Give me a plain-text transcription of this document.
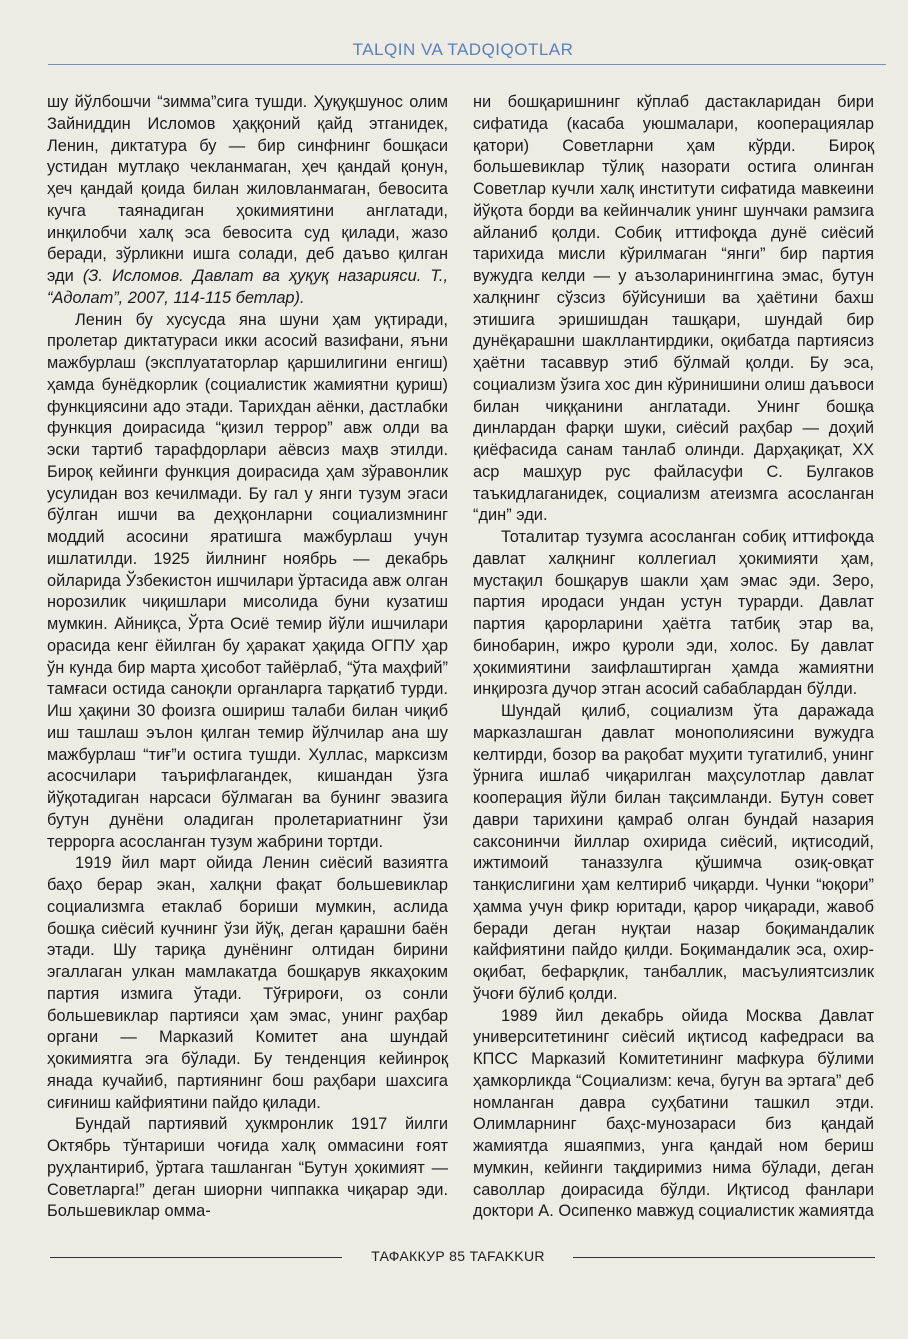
TALQIN VA TADQIQOTLAR

шу йўлбошчи “зимма”сига тушди. Ҳуқуқшунос олим Зайниддин Исломов ҳаққоний қайд этганидек, Ленин, диктатура бу — бир синфнинг бошқаси устидан мутлақо чекланмаган, ҳеч қандай қонун, ҳеч қандай қоида билан жиловланмаган, бевосита кучга таянадиган ҳокимиятини англатади, инқилобчи халқ эса бевосита суд қилади, жазо беради, зўрликни ишга солади, деб даъво қилган эди (З. Исломов. Давлат ва ҳуқуқ назарияси. Т., “Адолат”, 2007, 114-115 бетлар).

Ленин бу хусусда яна шуни ҳам уқтиради, пролетар диктатураси икки асосий вазифани, яъни мажбурлаш (эксплуататорлар қаршилигини енгиш) ҳамда бунёдкорлик (социалистик жамиятни қуриш) функциясини адо этади. Тарихдан аёнки, дастлабки функция доирасида “қизил террор” авж олди ва эски тартиб тарафдорлари аёвсиз маҳв этилди. Бироқ кейинги функция доирасида ҳам зўравонлик усулидан воз кечилмади. Бу гал у янги тузум эгаси бўлган ишчи ва деҳқонларни социализмнинг моддий асосини яратишга мажбурлаш учун ишлатилди. 1925 йилнинг ноябрь — декабрь ойларида Ўзбекистон ишчилари ўртасида авж олган норозилик чиқишлари мисолида буни кузатиш мумкин. Айниқса, Ўрта Осиё темир йўли ишчилари орасида кенг ёйилган бу ҳаракат ҳақида ОГПУ ҳар ўн кунда бир марта ҳисобот тайёрлаб, “ўта маҳфий” тамғаси остида саноқли органларга тарқатиб турди. Иш ҳақини 30 фоизга ошириш талаби билан чиқиб иш ташлаш эълон қилган темир йўлчилар ана шу мажбурлаш “тиғ”и остига тушди. Хуллас, марксизм асосчилари таърифлагандек, кишандан ўзга йўқотадиган нарсаси бўлмаган ва бунинг эвазига бутун дунёни оладиган пролетариатнинг ўзи террорга асосланган тузум жабрини тортди.

1919 йил март ойида Ленин сиёсий вазиятга баҳо берар экан, халқни фақат большевиклар социализмга етаклаб бориши мумкин, аслида бошқа сиёсий кучнинг ўзи йўқ, деган қарашни баён этади. Шу тариқа дунёнинг олтидан бирини эгаллаган улкан мамлакатда бошқарув яккаҳоким партия измига ўтади. Тўғрироғи, оз сонли большевиклар партияси ҳам эмас, унинг раҳбар органи — Марказий Комитет ана шундай ҳокимиятга эга бўлади. Бу тенденция кейинроқ янада кучайиб, партиянинг бош раҳбари шахсига сиғиниш кайфиятини пайдо қилади.

Бундай партиявий ҳукмронлик 1917 йилги Октябрь тўнтариши чоғида халқ оммасини ғоят руҳлантириб, ўртага ташланган “Бутун ҳокимият — Советларга!” деган шиорни чиппакка чиқарар эди. Большевиклар омма-

ни бошқаришнинг кўплаб дастакларидан бири сифатида (касаба уюшмалари, кооперациялар қатори) Советларни ҳам кўрди. Бироқ большевиклар тўлиқ назорати остига олинган Советлар кучли халқ институти сифатида мавкеини йўқота борди ва кейинчалик унинг шунчаки рамзига айланиб қолди. Собиқ иттифоқда дунё сиёсий тарихида мисли кўрилмаган “янги” бир партия вужудга келди — у аъзоларининггина эмас, бутун халқнинг сўзсиз бўйсуниши ва ҳаётини бахш этишига эришишдан ташқари, шундай бир дунёқарашни шакллантирдики, оқибатда партиясиз ҳаётни тасаввур этиб бўлмай қолди. Бу эса, социализм ўзига хос дин кўринишини олиш даъвоси билан чиққанини англатади. Унинг бошқа динлардан фарқи шуки, сиёсий раҳбар — доҳий қиёфасида санам танлаб олинди. Дарҳақиқат, XX аср машҳур рус файласуфи С. Булгаков таъкидлаганидек, социализм атеизмга асосланган “дин” эди.

Тоталитар тузумга асосланган собиқ иттифоқда давлат халқнинг коллегиал ҳокимияти ҳам, мустақил бошқарув шакли ҳам эмас эди. Зеро, партия иродаси ундан устун турарди. Давлат партия қарорларини ҳаётга татбиқ этар ва, бинобарин, ижро қуроли эди, холос. Бу давлат ҳокимиятини заифлаштирган ҳамда жамиятни инқирозга дучор этган асосий сабаблардан бўлди.

Шундай қилиб, социализм ўта даражада марказлашган давлат монополиясини вужудга келтирди, бозор ва рақобат муҳити тугатилиб, унинг ўрнига ишлаб чиқарилган маҳсулотлар давлат кооперация йўли билан тақсимланди. Бутун совет даври тарихини қамраб олган бундай назария саксонинчи йиллар охирида сиёсий, иқтисодий, ижтимоий таназзулга қўшимча озиқ-овқат танқислигини ҳам келтириб чиқарди. Чунки “юқори” ҳамма учун фикр юритади, қарор чиқаради, жавоб беради деган нуқтаи назар боқимандалик кайфиятини пайдо қилди. Боқимандалик эса, охир-оқибат, бефарқлик, танбаллик, масъулиятсизлик ўчоғи бўлиб қолди.

1989 йил декабрь ойида Москва Давлат университетининг сиёсий иқтисод кафедраси ва КПСС Марказий Комитетининг мафкура бўлими ҳамкорликда “Социализм: кеча, бугун ва эртага” деб номланган давра суҳбатини ташкил этди. Олимларнинг баҳс-мунозараси биз қандай жамиятда яшаяпмиз, унга қандай ном бериш мумкин, кейинги тақдиримиз нима бўлади, деган саволлар доирасида бўлди. Иқтисод фанлари доктори А. Осипенко мавжуд социалистик жамиятда

ТАФАККУР 85 TAFAKKUR
